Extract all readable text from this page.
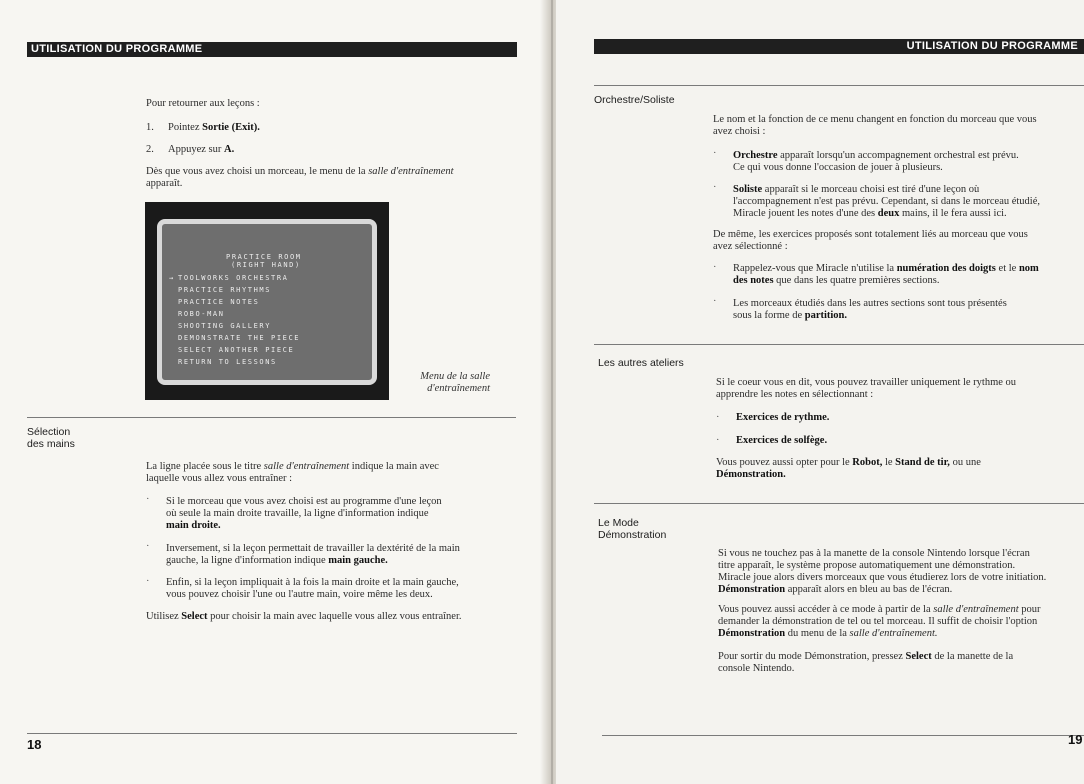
UTILISATION DU PROGRAMME
Pour retourner aux leçons :
1. Pointez Sortie (Exit).
2. Appuyez sur A.
Dès que vous avez choisi un morceau, le menu de la salle d'entraînement
apparaît.
PRACTICE ROOM
(RIGHT HAND)
→ TOOLWORKS ORCHESTRA
PRACTICE RHYTHMS
PRACTICE NOTES
ROBO-MAN
SHOOTING GALLERY
DEMONSTRATE THE PIECE
SELECT ANOTHER PIECE
RETURN TO LESSONS
Menu de la salle
d'entraînement
Sélection
des mains
La ligne placée sous le titre salle d'entraînement indique la main avec
laquelle vous allez vous entraîner :
· Si le morceau que vous avez choisi est au programme d'une leçon
où seule la main droite travaille, la ligne d'information indique
main droite.
· Inversement, si la leçon permettait de travailler la dextérité de la main
gauche, la ligne d'information indique main gauche.
· Enfin, si la leçon impliquait à la fois la main droite et la main gauche,
vous pouvez choisir l'une ou l'autre main, voire même les deux.
Utilisez Select pour choisir la main avec laquelle vous allez vous entraîner.
18
UTILISATION DU PROGRAMME
Orchestre/Soliste
Le nom et la fonction de ce menu changent en fonction du morceau que vous
avez choisi :
· Orchestre apparaît lorsqu'un accompagnement orchestral est prévu.
Ce qui vous donne l'occasion de jouer à plusieurs.
· Soliste apparaît si le morceau choisi est tiré d'une leçon où
l'accompagnement n'est pas prévu. Cependant, si dans le morceau étudié,
Miracle jouent les notes d'une des deux mains, il le fera aussi ici.
De même, les exercices proposés sont totalement liés au morceau que vous
avez sélectionné :
· Rappelez-vous que Miracle n'utilise la numération des doigts et le nom
des notes que dans les quatre premières sections.
· Les morceaux étudiés dans les autres sections sont tous présentés
sous la forme de partition.
Les autres ateliers
Si le coeur vous en dit, vous pouvez travailler uniquement le rythme ou
apprendre les notes en sélectionnant :
· Exercices de rythme.
· Exercices de solfège.
Vous pouvez aussi opter pour le Robot, le Stand de tir, ou une
Démonstration.
Le Mode
Démonstration
Si vous ne touchez pas à la manette de la console Nintendo lorsque l'écran
titre apparaît, le système propose automatiquement une démonstration.
Miracle joue alors divers morceaux que vous étudierez lors de votre initiation.
Démonstration apparaît alors en bleu au bas de l'écran.
Vous pouvez aussi accéder à ce mode à partir de la salle d'entraînement pour
demander la démonstration de tel ou tel morceau. Il suffit de choisir l'option
Démonstration du menu de la salle d'entraînement.
Pour sortir du mode Démonstration, pressez Select de la manette de la
console Nintendo.
19
